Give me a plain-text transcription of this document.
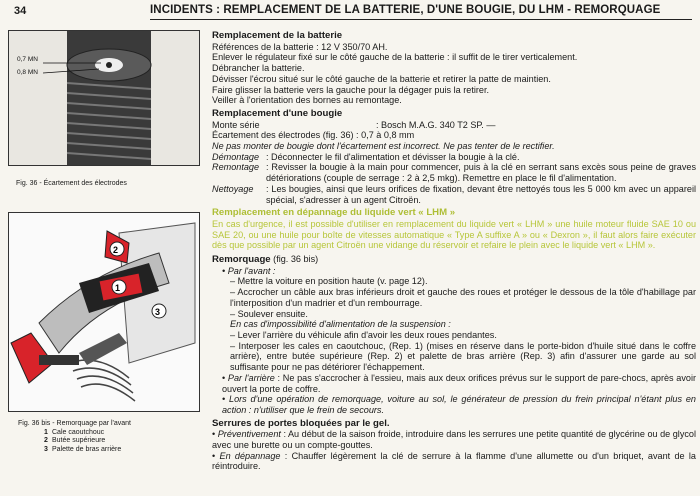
34	INCIDENTS : REMPLACEMENT DE LA BATTERIE, D'UNE BOUGIE, DU LHM - REMORQUAGE
0,7 MN
0,8 MN
Fig. 36 - Écartement des électrodes
2
1
3
Fig. 36 bis - Remorquage par l'avant
1 Cale caoutchouc
2 Butée supérieure
3 Palette de bras arrière
Remplacement de la batterie
Références de la batterie : 12 V 350/70 AH.
Enlever le régulateur fixé sur le côté gauche de la batterie : il suffit de le tirer verticalement.
Débrancher la batterie.
Dévisser l'écrou situé sur le côté gauche de la batterie et retirer la patte de maintien.
Faire glisser la batterie vers la gauche pour la dégager puis la retirer.
Veiller à l'orientation des bornes au remontage.
Remplacement d'une bougie
Monte série	: Bosch M.A.G. 340 T2 SP. —
Écartement des électrodes (fig. 36) : 0,7 à 0,8 mm
Ne pas monter de bougie dont l'écartement est incorrect. Ne pas tenter de le rectifier.
Démontage : Déconnecter le fil d'alimentation et dévisser la bougie à la clé.
Remontage : Revisser la bougie à la main pour commencer, puis à la clé en serrant sans excès sous peine de graves détériorations (couple de serrage : 2 à 2,5 mkg). Remettre en place le fil d'alimentation.
Nettoyage	: Les bougies, ainsi que leurs orifices de fixation, devant être nettoyés tous les 5 000 km avec un appareil spécial, s'adresser à un agent Citroën.
Remplacement en dépannage du liquide vert « LHM »
En cas d'urgence, il est possible d'utiliser en remplacement du liquide vert « LHM » une huile moteur fluide SAE 10 ou SAE 20, ou une huile pour boîte de vitesses automatique « Type A suffixe A » ou « Dexron », il faut alors faire exécuter dès que possible par un agent Citroën une vidange du réservoir et refaire le plein avec le liquide vert « LHM ».
Remorquage (fig. 36 bis)
• Par l'avant :
– Mettre la voiture en position haute (v. page 12).
– Accrocher un câble aux bras inférieurs droit et gauche des roues et protéger le dessous de la tôle d'habillage par l'interposition d'un madrier et d'un rembourrage.
– Soulever ensuite.
En cas d'impossibilité d'alimentation de la suspension :
– Lever l'arrière du véhicule afin d'avoir les deux roues pendantes.
– Interposer les cales en caoutchouc, (Rep. 1) (mises en réserve dans le porte-bidon d'huile situé dans le coffre arrière), entre butée supérieure (Rep. 2) et palette de bras arrière (Rep. 3) afin d'assurer une garde au sol suffisante pour ne pas détériorer l'échappement.
• Par l'arrière : Ne pas s'accrocher à l'essieu, mais aux deux orifices prévus sur le support de pare-chocs, après avoir ouvert la porte de coffre.
• Lors d'une opération de remorquage, voiture au sol, le générateur de pression du frein principal n'étant plus en action : n'utiliser que le frein de secours.
Serrures de portes bloquées par le gel.
• Préventivement : Au début de la saison froide, introduire dans les serrures une petite quantité de glycérine ou de glycol avec une burette ou un compte-gouttes.
• En dépannage : Chauffer légèrement la clé de serrure à la flamme d'une allumette ou d'un briquet, avant de la réintroduire.
